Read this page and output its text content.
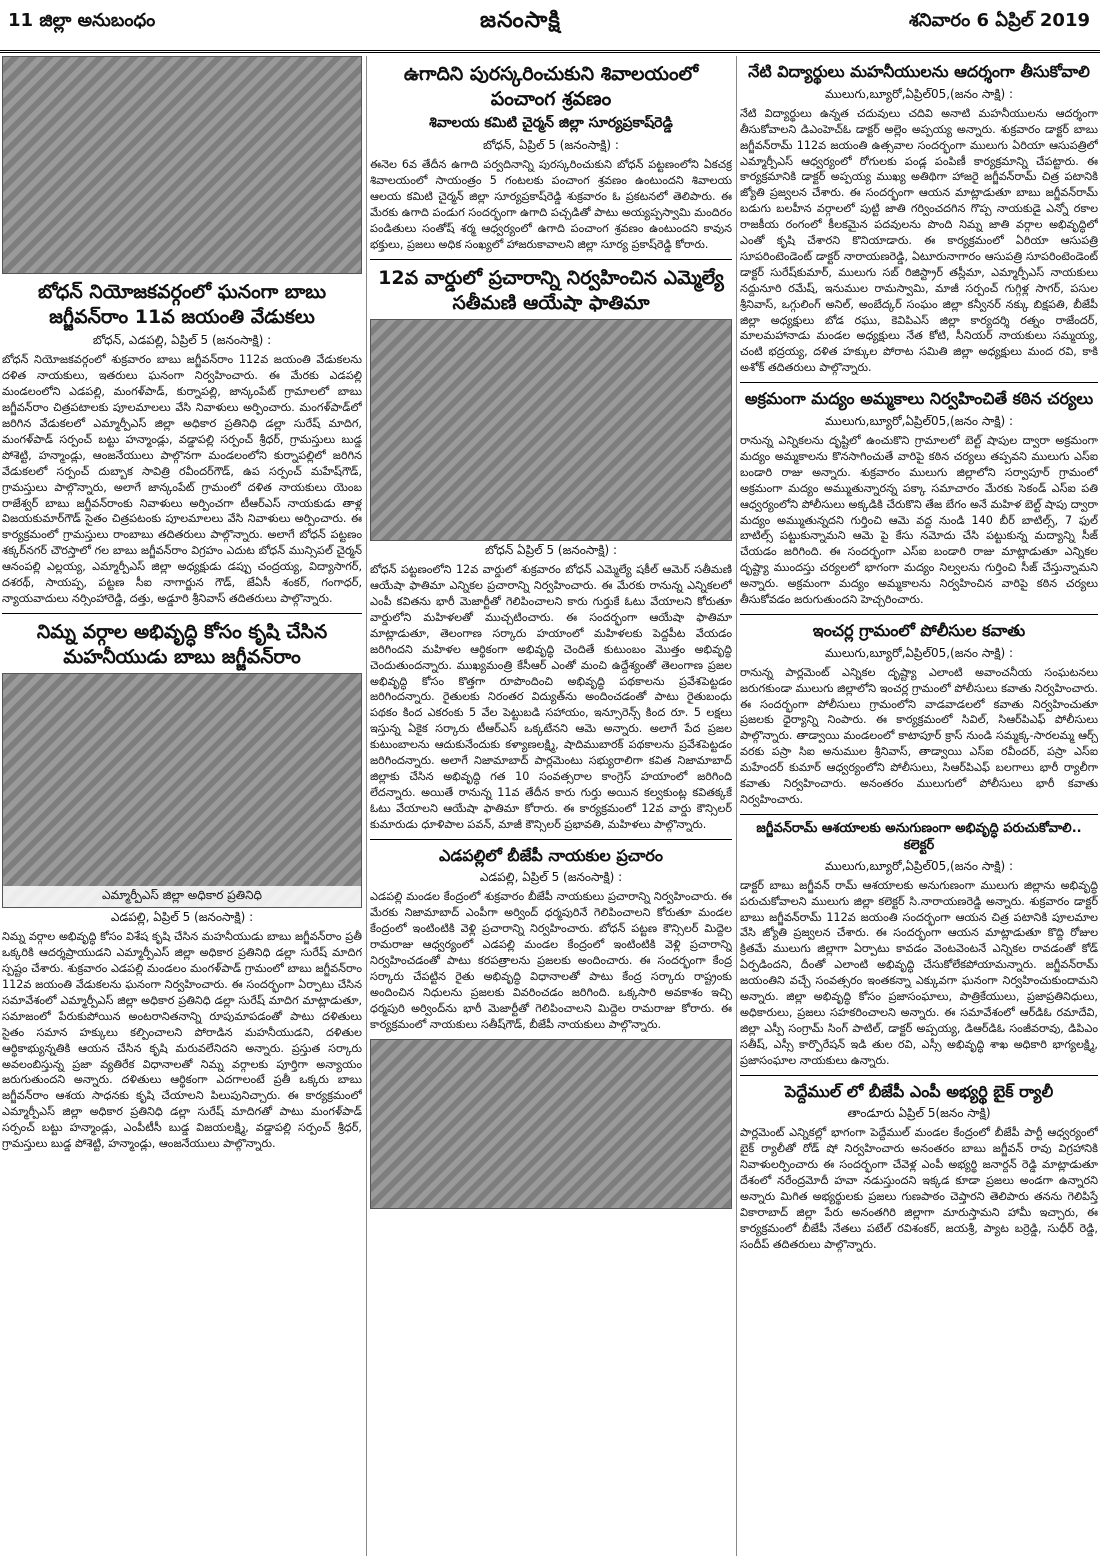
11 జిల్లా అనుబంధం	జనంసాక్షి	శనివారం 6 ఏప్రిల్ 2019
బోధన్ నియోజకవర్గంలో ఘనంగా బాబు జగ్జీవన్‌రాం 11వ జయంతి వేడుకలు
బోధన్, ఎడపల్లి, ఏప్రిల్ 5 (జనంసాక్షి) :

బోధన్ నియోజకవర్గంలో శుక్రవారం బాబు జగ్జీవన్‌రాం 112వ జయంతి వేడుకలను దళిత నాయకులు, ఇతరులు ఘనంగా నిర్వహించారు. ఈ మేరకు ఎడపల్లి మండలంలోని ఎడపల్లి, మంగళ్‌పాడ్, కుర్నాపల్లి, జాన్కంపేట్ గ్రామాలలో బాబు జగ్జీవన్‌రాం చిత్రపటాలకు పూలమాలలు వేసి నివాళులు అర్పించారు. మంగళ్‌పాడ్‌లో జరిగిన వేడుకలలో ఎమ్మార్పీఎస్ జిల్లా అధికార ప్రతినిధి డల్లా సురేష్ మాదిగ, మంగళ్‌పాడ్ సర్పంచ్ బట్టు హన్మాండ్లు, వడ్డాపల్లి సర్పంచ్ శ్రీధర్, గ్రామస్తులు బుడ్డ పోశెట్టి, హన్మాండ్లు, ఆంజనేయులు పాల్గొనగా మండలంలోని కుర్నాపల్లిలో జరిగిన వేడుకలలో సర్పంచ్ దుబ్బాక సావిత్రి రవీందర్‌గౌడ్, ఉప సర్పంచ్ మహేష్‌గౌడ్, గ్రామస్తులు పాల్గొన్నారు, అలాగే జాన్కంపేట్ గ్రామంలో దళిత నాయకులు యెంబ రాజేశ్వర్ బాబు జగ్జీవన్‌రాంకు నివాళులు అర్పించగా టీఆర్ఎస్ నాయకుడు తాళ్ల విజయకుమార్‌గౌడ్ సైతం చిత్రపటంకు పూలమాలలు వేసి నివాళులు అర్పించారు. ఈ కార్యక్రమంలో గ్రామస్తులు రాంబాబు తదితరులు పాల్గొన్నారు. అలాగే బోధన్ పట్టణం శక్కర్‌నగర్ చౌరస్తాలో గల బాబు జగ్జీవన్‌రాం విగ్రహం ఎదుట బోధన్ మున్సిపల్ చైర్మన్ ఆనంపల్లి ఎల్లయ్య, ఎమ్మార్పీఎస్ జిల్లా అధ్యక్షుడు డప్పు చంద్రయ్య, విద్యాసాగర్, దశరథ్, సాయప్ప, పట్టణ సీఐ నాగార్జున గౌడ్, జేఏసీ శంకర్, గంగాధర్, న్యాయవాదులు నర్సింహారెడ్డి, దత్తు, అడ్డూరి శ్రీనివాస్ తదితరులు పాల్గొన్నారు.

నిమ్న వర్గాల అభివృద్ధి కోసం కృషి చేసిన మహనీయుడు బాబు జగ్జీవన్‌రాం
ఎమ్మార్పీఎస్ జిల్లా అధికార ప్రతినిధి
ఎడపల్లి, ఏప్రిల్ 5 (జనంసాక్షి) :

నిమ్న వర్గాల అభివృద్ధి కోసం విశేష కృషి చేసిన మహనీయుడు బాబు జగ్జీవన్‌రాం ప్రతీ ఒక్కరికి ఆదర్శప్రాయుడని ఎమ్మార్పీఎస్ జిల్లా అధికార ప్రతినిధి డల్లా సురేష్ మాదిగ స్పష్టం చేశారు. శుక్రవారం ఎడపల్లి మండలం మంగళ్‌పాడ్ గ్రామంలో బాబు జగ్జీవన్‌రాం 112వ జయంతి వేడుకలను ఘనంగా నిర్వహించారు. ఈ సందర్భంగా ఏర్పాటు చేసిన సమావేశంలో ఎమ్మార్పీఎస్ జిల్లా అధికార ప్రతినిధి డల్లా సురేష్ మాదిగ మాట్లాడుతూ, సమాజంలో పేరుకుపోయిన అంటరానితనాన్ని రూపుమాపడంతో పాటు దళితులు సైతం సమాన హక్కులు కల్పించాలని పోరాడిన మహనీయుడని, దళితుల ఆర్థికాభ్యున్నతికి ఆయన చేసిన కృషి మరువలేనిదని అన్నారు. ప్రస్తుత సర్కారు అవలంబిస్తున్న ప్రజా వ్యతిరేక విధానాలతో నిమ్న వర్గాలకు పూర్తిగా అన్యాయం జరుగుతుందని అన్నారు. దళితులు ఆర్థికంగా ఎదగాలంటే ప్రతీ ఒక్కరు బాబు జగ్జీవన్‌రాం ఆశయ సాధనకు కృషి చేయాలని పిలుపునిచ్చారు. ఈ కార్యక్రమంలో ఎమ్మార్పీఎస్ జిల్లా అధికార ప్రతినిధి డల్లా సురేష్ మాదిగతో పాటు మంగళ్‌పాడ్ సర్పంచ్ బట్టు హన్మాండ్లు, ఎంపీటీసీ బుడ్డ విజయలక్ష్మి, వడ్డాపల్లి సర్పంచ్ శ్రీధర్, గ్రామస్తులు బుడ్డ పోశెట్టి, హన్మాండ్లు, ఆంజనేయులు పాల్గొన్నారు.

ఉగాదిని పురస్కరించుకుని శివాలయంలో పంచాంగ శ్రవణం
శివాలయ కమిటి చైర్మన్ జిల్లా సూర్యప్రకాష్‌రెడ్డి
బోధన్, ఏప్రిల్ 5 (జనంసాక్షి) :

ఈనెల 6వ తేదీన ఉగాది పర్వదినాన్ని పురస్కరించుకుని బోధన్ పట్టణంలోని ఏకచక్ర శివాలయంలో సాయంత్రం 5 గంటలకు పంచాంగ శ్రవణం ఉంటుందని శివాలయ ఆలయ కమిటి చైర్మన్ జిల్లా సూర్యప్రకాష్‌రెడ్డి శుక్రవారం ఓ ప్రకటనలో తెలిపారు. ఈ మేరకు ఉగాది పండుగ సందర్భంగా ఉగాది పచ్చడితో పాటు అయ్యప్పస్వామి మందిరం పండితులు సంతోష్ శర్మ ఆధ్వర్యంలో ఉగాది పంచాంగ శ్రవణం ఉంటుందని కావున భక్తులు, ప్రజలు అధిక సంఖ్యలో హాజరుకావాలని జిల్లా సూర్య ప్రకాష్‌రెడ్డి కోరారు.

12వ వార్డులో ప్రచారాన్ని నిర్వహించిన ఎమ్మెల్యే సతీమణి ఆయేషా ఫాతిమా
బోధన్ ఏప్రిల్ 5 (జనంసాక్షి) :

బోధన్ పట్టణంలోని 12వ వార్డులో శుక్రవారం బోధన్ ఎమ్మెల్యే షకీల్ ఆమెర్ సతీమణి ఆయేషా ఫాతిమా ఎన్నికల ప్రచారాన్ని నిర్వహించారు. ఈ మేరకు రానున్న ఎన్నికలలో ఎంపీ కవితను భారీ మెజార్టీతో గెలిపించాలని కారు గుర్తుకే ఓటు వేయాలని కోరుతూ వార్డులోని మహిళలతో ముచ్చటించారు. ఈ సందర్భంగా ఆయేషా ఫాతిమా మాట్లాడుతూ, తెలంగాణ సర్కారు హయాంలో మహిళలకు పెద్దపీట వేయడం జరిగిందని మహిళల ఆర్థికంగా అభివృద్ధి చెందితే కుటుంబం మొత్తం అభివృద్ధి చెందుతుందన్నారు. ముఖ్యమంత్రి కేసీఆర్ ఎంతో మంచి ఉద్దేశ్యంతో తెలంగాణ ప్రజల అభివృద్ధి కోసం కొత్తగా రూపొందించి అభివృద్ధి పథకాలను ప్రవేశపెట్టడం జరిగిందన్నారు. రైతులకు నిరంతర విద్యుత్‌ను అందించడంతో పాటు రైతుబంధు పథకం కింద ఎకరంకు 5 వేల పెట్టుబడి సహాయం, ఇన్సూరెన్స్ కింద రూ. 5 లక్షలు ఇస్తున్న ఏకైక సర్కారు టీఆర్ఎస్ ఒక్కటేనని ఆమె అన్నారు. అలాగే పేద ప్రజల కుటుంబాలను ఆదుకునేందుకు కళ్యాణలక్ష్మి, షాదిముబారక్ పథకాలను ప్రవేశపెట్టడం జరిగిందన్నారు. అలాగే నిజామాబాద్ పార్లమెంటు సభ్యురాలిగా కవిత నిజామాబాద్ జిల్లాకు చేసిన అభివృద్ధి గత 10 సంవత్సరాల కాంగ్రెస్ హయాంలో జరిగింది లేదన్నారు. అయితే రానున్న 11వ తేదీన కారు గుర్తు అయిన కల్వకుంట్ల కవితక్కకే ఓటు వేయాలని ఆయేషా ఫాతిమా కోరారు. ఈ కార్యక్రమంలో 12వ వార్డు కౌన్సిలర్ కుమారుడు ధూళిపాల పవన్, మాజీ కౌన్సిలర్ ప్రభావతి, మహిళలు పాల్గొన్నారు.

ఎడపల్లిలో బీజేపీ నాయకుల ప్రచారం
ఎడపల్లి, ఏప్రిల్ 5 (జనంసాక్షి) :

ఎడపల్లి మండల కేంద్రంలో శుక్రవారం బీజేపీ నాయకులు ప్రచారాన్ని నిర్వహించారు. ఈ మేరకు నిజామాబాద్ ఎంపీగా అర్వింద్ ధర్మపురినే గెలిపించాలని కోరుతూ మండల కేంద్రంలో ఇంటింటికి వెళ్లి ప్రచారాన్ని నిర్వహించారు. బోధన్ పట్టణ కౌన్సిలర్ మిద్దెల రామరాజు ఆధ్వర్యంలో ఎడపల్లి మండల కేంద్రంలో ఇంటింటికి వెళ్లి ప్రచారాన్ని నిర్వహించడంతో పాటు కరపత్రాలను ప్రజలకు అందించారు. ఈ సందర్భంగా కేంద్ర సర్కారు చేపట్టిన రైతు అభివృద్ధి విధానాలతో పాటు కేంద్ర సర్కారు రాష్ట్రంకు అందించిన నిధులను ప్రజలకు వివరించడం జరిగింది. ఒక్కసారి అవకాశం ఇచ్చి ధర్మపురి అర్వింద్‌ను భారీ మెజార్టీతో గెలిపించాలని మిద్దెల రామరాజు కోరారు. ఈ కార్యక్రమంలో నాయకులు సతీష్‌గౌడ్, బీజేపీ నాయకులు పాల్గొన్నారు.

నేటి విద్యార్థులు మహనీయులను ఆదర్శంగా తీసుకోవాలి
ములుగు,బ్యూరో,ఏప్రిల్05,(జనం సాక్షి) :

నేటి విద్యార్థులు ఉన్నత చదువులు చదివి అనాటి మహనీయులను ఆదర్శంగా తీసుకోవాలని డిఎంహెచ్‌ఓ డాక్టర్ అల్లెం అప్పయ్య అన్నారు. శుక్రవారం డాక్టర్ బాబు జగ్జీవన్‌రామ్ 112వ జయంతి ఉత్సవాల సందర్భంగా ములుగు ఏరియా ఆసుపత్రిలో ఎమ్మార్పీఎస్ ఆధ్వర్యంలో రోగులకు పండ్ల పంపిణీ కార్యక్రమాన్ని చేపట్టారు. ఈ కార్యక్రమానికి డాక్టర్ అప్పయ్య ముఖ్య అతిథిగా హాజరై జగ్జీవన్‌రామ్ చిత్ర పటానికి జ్యోతి ప్రజ్వలన చేశారు. ఈ సందర్భంగా ఆయన మాట్లాడుతూ బాబు జగ్జీవన్‌రామ్ బడుగు బలహీన వర్గాలలో పుట్టి జాతి గర్వించదగిన గొప్ప నాయకుడై ఎన్నో రకాల రాజకీయ రంగంలో కీలకమైన పదవులను పొంది నిమ్న జాతి వర్గాల అభివృద్ధిలో ఎంతో కృషి చేశారని కొనియాడారు. ఈ కార్యక్రమంలో ఏరియా ఆసుపత్రి సూపరింటెండెంట్ డాక్టర్ నారాయణరెడ్డి, ఏటూరునాగారం ఆసుపత్రి సూపరింటెండెంట్ డాక్టర్ సురేష్‌కుమార్, ములుగు సబ్ రిజిస్ట్రార్ తస్లీమా, ఎమ్మార్పీఎస్ నాయకులు నద్దునూరి రమేష్, ఇనుముల రామస్వామి, మాజీ సర్పంచ్ గుగ్గిళ్ల సాగర్, పసుల శ్రీనివాస్, ఒగ్గులింగ్ అనిల్, అంబేద్కర్ సంఘం జిల్లా కన్వీనర్ నక్కు బిక్షపతి, బీజేపీ జిల్లా అధ్యక్షులు బోడ రఘు, కెవిపిఎస్ జిల్లా కార్యదర్శి రత్నం రాజేందర్, మాలమహానాడు మండల అధ్యక్షులు నేత కోటి, సీనియర్ నాయకులు సమ్మయ్య, చంటి భద్రయ్య, దళిత హక్కుల పోరాట సమితి జిల్లా అధ్యక్షులు మంద రవి, కాకి అశోక్ తదితరులు పాల్గొన్నారు.

అక్రమంగా మద్యం అమ్మకాలు నిర్వహించితే కఠిన చర్యలు
ములుగు,బ్యూరో,ఏప్రిల్05,(జనం సాక్షి) :

రానున్న ఎన్నికలను దృష్టిలో ఉంచుకొని గ్రామాలలో బెల్ట్ షాపుల ద్వారా అక్రమంగా మద్యం అమ్మకాలను కొనసాగించుతే వారిపై కఠిన చర్యలు తప్పవని ములుగు ఎస్ఐ బండారి రాజు అన్నారు. శుక్రవారం ములుగు జిల్లాలోని సర్వాపూర్ గ్రామంలో అక్రమంగా మద్యం అమ్ముతున్నారన్న పక్కా సమాచారం మేరకు సెకండ్ ఎస్ఐ పతి ఆధ్వర్యంలోని పోలీసులు అక్కడికి చేరుకొని తేజ బేగం అనే మహిళ బెల్ట్ షాపు ద్వారా మద్యం అమ్ముతున్నదని గుర్తించి ఆమె వద్ద నుండి 140 బీర్ బాటిల్స్, 7 ఫుల్ బాటిల్స్ పట్టుకున్నామని ఆమె పై కేసు నమోదు చేసి పట్టుకున్న మద్యాన్ని సీజ్ చేయడం జరిగింది. ఈ సందర్భంగా ఎస్ఐ బండారి రాజు మాట్లాడుతూ ఎన్నికల దృష్ట్యా ముందస్తు చర్యలలో భాగంగా మద్యం నిల్వలను గుర్తించి సీజ్ చేస్తున్నామని అన్నారు. అక్రమంగా మద్యం అమ్మకాలను నిర్వహించిన వారిపై కఠిన చర్యలు తీసుకోవడం జరుగుతుందని హెచ్చరించారు.

ఇంచర్ల గ్రామంలో పోలీసుల కవాతు
ములుగు,బ్యూరో,ఏప్రిల్05,(జనం సాక్షి) :

రానున్న పార్లమెంట్ ఎన్నికల దృష్ట్యా ఎలాంటి అవాంచనీయ సంఘటనలు జరుగకుండా ములుగు జిల్లాలోని ఇంచర్ల గ్రామంలో పోలీసులు కవాతు నిర్వహించారు. ఈ సందర్భంగా పోలీసులు గ్రామంలోని వాడవాడలలో కవాతు నిర్వహించుతూ ప్రజలకు ధైర్యాన్ని నింపారు. ఈ కార్యక్రమంలో సివిల్, సిఆర్‌పిఎఫ్ పోలీసులు పాల్గొన్నారు. తాడ్వాయి మండలంలో కాటాపూర్ క్రాస్ నుండి సమ్మక్క-సారలమ్మ ఆర్చ్ వరకు పస్రా సిఐ అనుముల శ్రీనివాస్, తాడ్వాయి ఎస్ఐ రవీందర్, పస్రా ఎస్ఐ మహేందర్ కుమార్ ఆధ్వర్యంలోని పోలీసులు, సిఆర్‌పిఎఫ్ బలగాలు భారీ ర్యాలీగా కవాతు నిర్వహించారు. అనంతరం ములుగులో పోలీసులు భారీ కవాతు నిర్వహించారు.

జగ్జీవన్‌రామ్ ఆశయాలకు అనుగుణంగా అభివృద్ధి పరుచుకోవాలి.. కలెక్టర్
ములుగు,బ్యూరో,ఏప్రిల్05,(జనం సాక్షి) :

డాక్టర్ బాబు జగ్జీవన్ రామ్ ఆశయాలకు అనుగుణంగా ములుగు జిల్లాను అభివృద్ధి పరుచుకోవాలని ములుగు జిల్లా కలెక్టర్ సి.నారాయణరెడ్డి అన్నారు. శుక్రవారం డాక్టర్ బాబు జగ్జీవన్‌రామ్ 112వ జయంతి సందర్భంగా ఆయన చిత్ర పటానికి పూలమాల వేసి జ్యోతి ప్రజ్వలన చేశారు. ఈ సందర్భంగా ఆయన మాట్లాడుతూ కొద్ది రోజుల క్రితమే ములుగు జిల్లాగా ఏర్పాటు కావడం వెంటవెంటనే ఎన్నికల రావడంతో కోడ్ ఏర్పడిందని, దీంతో ఎలాంటి అభివృద్ధి చేసుకోలేకపోయామన్నారు. జగ్జీవన్‌రామ్ జయంతిని వచ్చే సంవత్సరం ఇంతకన్నా ఎక్కువగా ఘనంగా నిర్వహించుకుందామని అన్నారు. జిల్లా అభివృద్ధి కోసం ప్రజాసంఘాలు, పాత్రికేయులు, ప్రజాప్రతినిధులు, అధికారులు, ప్రజలు సహకరించాలని అన్నారు. ఈ సమావేశంలో ఆర్‌డిఓ రమాదేవి, జిల్లా ఎస్పీ సంగ్రామ్ సింగ్ పాటిల్, డాక్టర్ అప్పయ్య, డిఆర్‌డిఓ సంజీవరావు, డిపిఎం సతీష్, ఎస్సీ కార్పొరేషన్ ఇడి తుల రవి, ఎస్సీ అభివృద్ధి శాఖ అధికారి భాగ్యలక్ష్మి, ప్రజాసంఘాల నాయకులు ఉన్నారు.

పెద్దేముల్ లో బీజేపీ ఎంపీ అభ్యర్థి బైక్ ర్యాలీ
తాండూరు ఏప్రిల్ 5(జనం సాక్షి)

పార్లమెంట్ ఎన్నికల్లో భాగంగా పెద్దేముల్ మండల కేంద్రంలో బీజేపీ పార్టీ ఆధ్వర్యంలో బైక్ ర్యాలీతో రోడ్ షో నిర్వహించారు అనంతరం బాబు జగ్జీవన్ రావు విగ్రహానికి నివాళులర్పించారు ఈ సందర్భంగా చేవెళ్ల ఎంపీ అభ్యర్థి జనార్దన్ రెడ్డి మాట్లాడుతూ దేశంలో నరేంద్రమోదీ హవా నడుస్తుందని ఇక్కడ కూడా ప్రజలు అండగా ఉన్నారని అన్నారు మిగిత అభ్యర్థులకు ప్రజలు గుణపాఠం చెప్తారని తెలిపారు తనను గెలిపిస్తే వికారాబాద్ జిల్లా పేరు అనంతగిరి జిల్లాగా మారుస్తామని హామీ ఇచ్చారు, ఈ కార్యక్రమంలో బీజేపీ నేతలు పటేల్ రవిశంకర్, జయశ్రీ, ప్యాట బర్రెడ్డి, సుధీర్ రెడ్డి, సందీప్ తదితరులు పాల్గొన్నారు.
